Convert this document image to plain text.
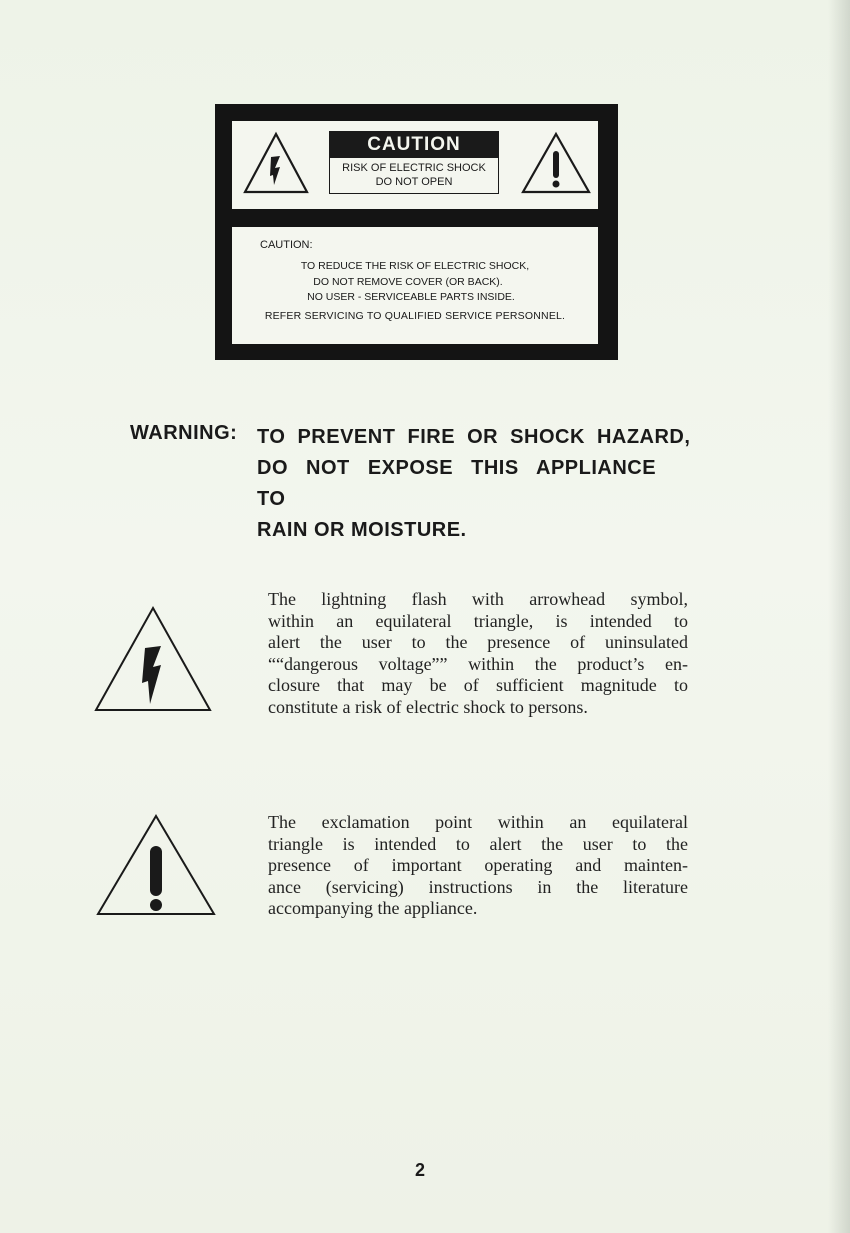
CAUTION
RISK OF ELECTRIC SHOCK
DO NOT OPEN
CAUTION:
TO REDUCE THE RISK OF ELECTRIC SHOCK,
DO NOT REMOVE COVER (OR BACK).
NO USER - SERVICEABLE PARTS INSIDE.
REFER SERVICING TO QUALIFIED SERVICE PERSONNEL.
WARNING: TO PREVENT FIRE OR SHOCK HAZARD,
DO NOT EXPOSE THIS APPLIANCE TO
RAIN OR MOISTURE.
The lightning flash with arrowhead symbol,
within an equilateral triangle, is intended to
alert the user to the presence of uninsulated
““dangerous voltage”” within the product’s en-
closure that may be of sufficient magnitude to
constitute a risk of electric shock to persons.
The exclamation point within an equilateral
triangle is intended to alert the user to the
presence of important operating and mainten-
ance (servicing) instructions in the literature
accompanying the appliance.
2
